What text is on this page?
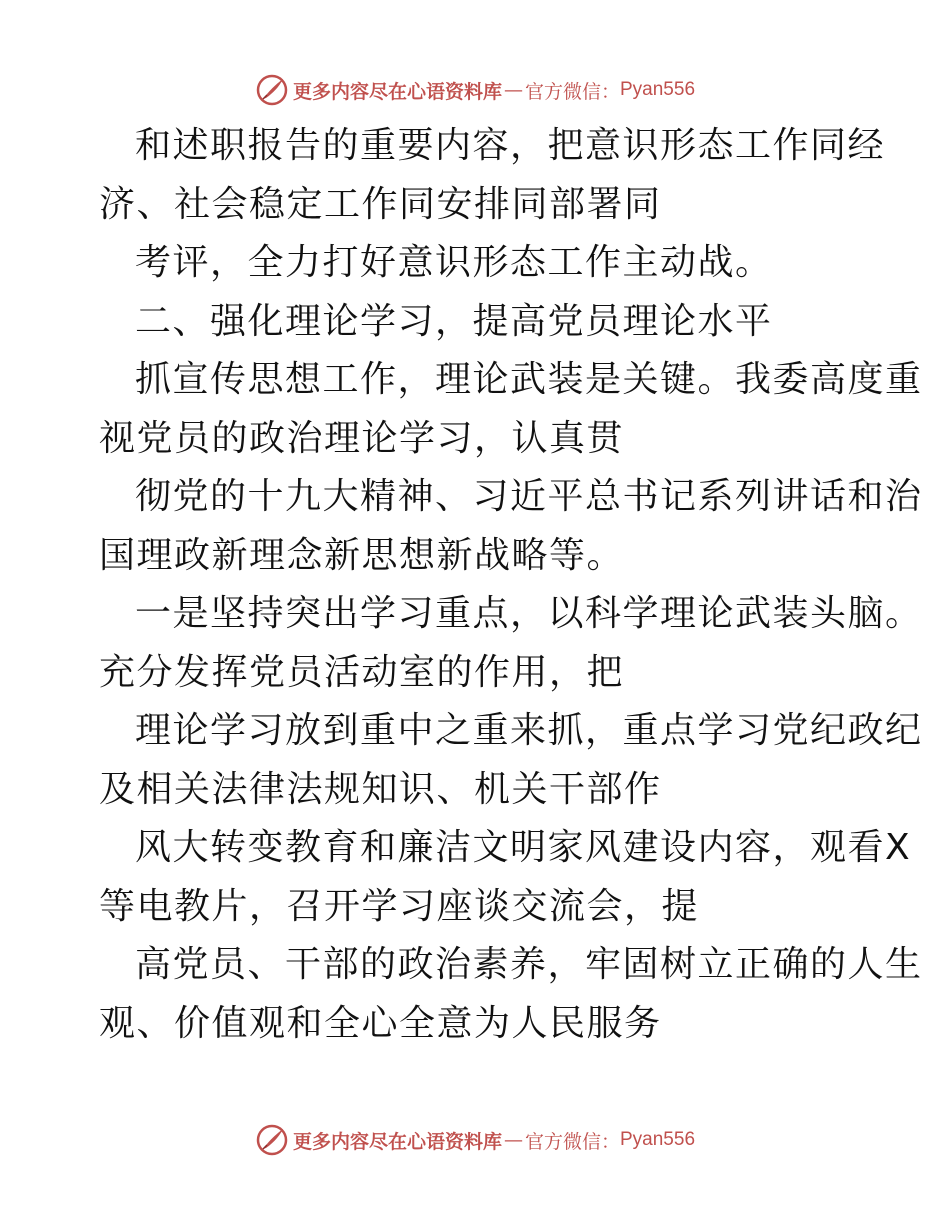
更多内容尽在心语资料库 — 官方微信： Pyan556
和述职报告的重要内容，把意识形态工作同经
济、社会稳定工作同安排同部署同
考评，全力打好意识形态工作主动战。
二、强化理论学习，提高党员理论水平
抓宣传思想工作，理论武装是关键。我委高度重
视党员的政治理论学习，认真贯
彻党的十九大精神、习近平总书记系列讲话和治
国理政新理念新思想新战略等。
一是坚持突出学习重点，以科学理论武装头脑。
充分发挥党员活动室的作用，把
理论学习放到重中之重来抓，重点学习党纪政纪
及相关法律法规知识、机关干部作
风大转变教育和廉洁文明家风建设内容，观看X
等电教片，召开学习座谈交流会，提
高党员、干部的政治素养，牢固树立正确的人生
观、价值观和全心全意为人民服务
更多内容尽在心语资料库 — 官方微信： Pyan556
